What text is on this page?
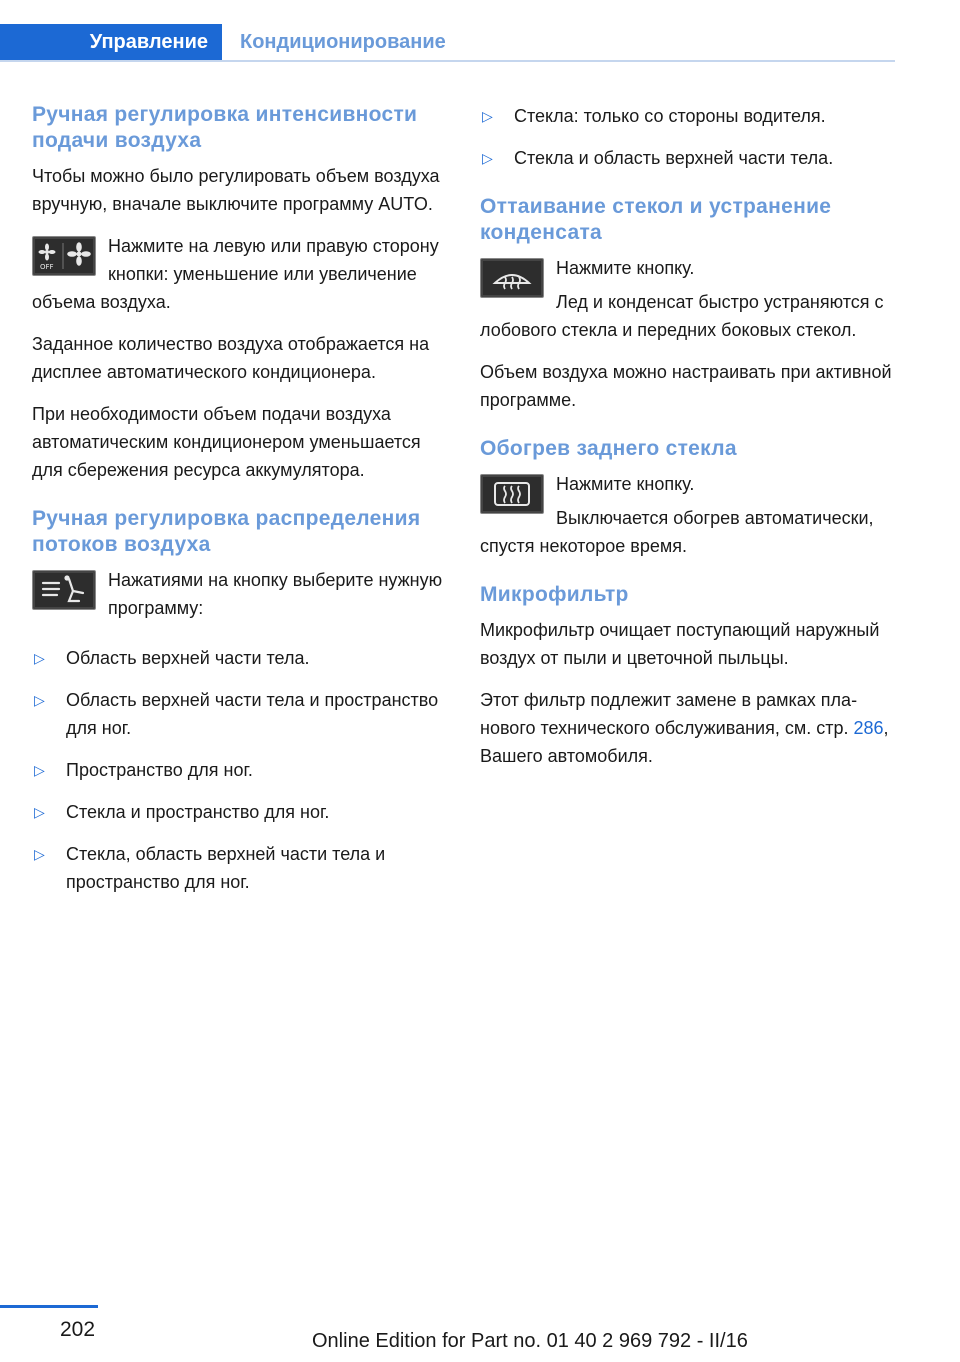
Управление	Кондиционирование
Ручная регулировка интенсивности подачи воздуха

Чтобы можно было регулировать объем воздуха вручную, вначале выключите программу AUTO.

OFF

Нажмите на левую или правую сторону кнопки: уменьшение или увеличение объема воздуха.

Заданное количество воздуха отображается на дисплее автоматического кондиционера.

При необходимости объем подачи воздуха автоматическим кондиционером уменьшается для сбережения ресурса аккумулятора.

Ручная регулировка распределения потоков воздуха

Нажатиями на кнопку выберите нужную программу:

▷ Область верхней части тела.
▷ Область верхней части тела и пространство для ног.
▷ Пространство для ног.
▷ Стекла и пространство для ног.
▷ Стекла, область верхней части тела и пространство для ног.
▷ Стекла: только со стороны водителя.
▷ Стекла и область верхней части тела.
Оттаивание стекол и устранение конденсата

Нажмите кнопку.

Лед и конденсат быстро устраняются с лобового стекла и передних боковых стекол.

Объем воздуха можно настраивать при активной программе.

Обогрев заднего стекла

Нажмите кнопку.

Выключается обогрев автоматически, спустя некоторое время.

Микрофильтр

Микрофильтр очищает поступающий наружный воздух от пыли и цветочной пыльцы.

Этот фильтр подлежит замене в рамках планового технического обслуживания, см. стр. 286, Вашего автомобиля.

202	Online Edition for Part no. 01 40 2 969 792 - II/16
